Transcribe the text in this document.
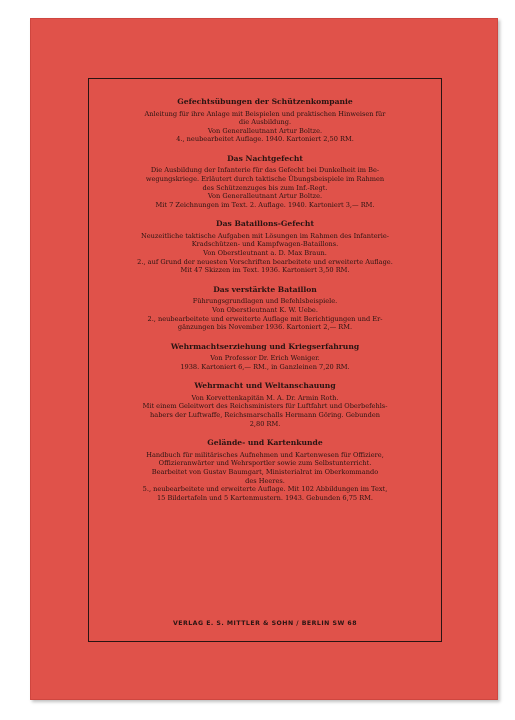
Gefechtsübungen der Schützenkompanie

Anleitung für ihre Anlage mit Beispielen und praktischen Hinweisen für

die Ausbildung.

Von Generalleutnant Artur Boltze.

4., neubearbeitet Auflage. 1940. Kartoniert 2,50 RM.

Das Nachtgefecht

Die Ausbildung der Infanterie für das Gefecht bei Dunkelheit im Be-

wegungskriege. Erläutert durch taktische Übungsbeispiele im Rahmen

des Schützenzuges bis zum Inf.-Regt.

Von Generalleutnant Artur Boltze.

Mit 7 Zeichnungen im Text. 2. Auflage. 1940. Kartoniert 3,— RM.

Das Bataillons-Gefecht

Neuzeitliche taktische Aufgaben mit Lösungen im Rahmen des Infanterie-

Kradschützen- und Kampfwagen-Bataillons.

Von Oberstleutnant a. D. Max Braun.

2., auf Grund der neuesten Vorschriften bearbeitete und erweiterte Auflage.

Mit 47 Skizzen im Text. 1936. Kartoniert 3,50 RM.

Das verstärkte Bataillon

Führungsgrundlagen und Befehlsbeispiele.

Von Oberstleutnant K. W. Uebe.

2., neubearbeitete und erweiterte Auflage mit Berichtigungen und Er-

gänzungen bis November 1936. Kartoniert 2,— RM.

Wehrmachtserziehung und Kriegserfahrung

Von Professor Dr. Erich Weniger.

1938. Kartoniert 6,— RM., in Ganzleinen 7,20 RM.

Wehrmacht und Weltanschauung

Von Korvettenkapitän M. A. Dr. Armin Roth.

Mit einem Geleitwort des Reichsministers für Luftfahrt und Oberbefehls-

habers der Luftwaffe, Reichsmarschalls Hermann Göring. Gebunden

2,80 RM.

Gelände- und Kartenkunde

Handbuch für militärisches Aufnehmen und Kartenwesen für Offiziere,

Offizieranwärter und Wehrsportler sowie zum Selbstunterricht.

Bearbeitet von Gustav Baumgart, Ministerialrat im Oberkommando

des Heeres.

5., neubearbeitete und erweiterte Auflage. Mit 102 Abbildungen im Text,

15 Bildertafeln und 5 Kartenmustern. 1943. Gebunden 6,75 RM.

VERLAG E. S. MITTLER & SOHN / BERLIN SW 68
